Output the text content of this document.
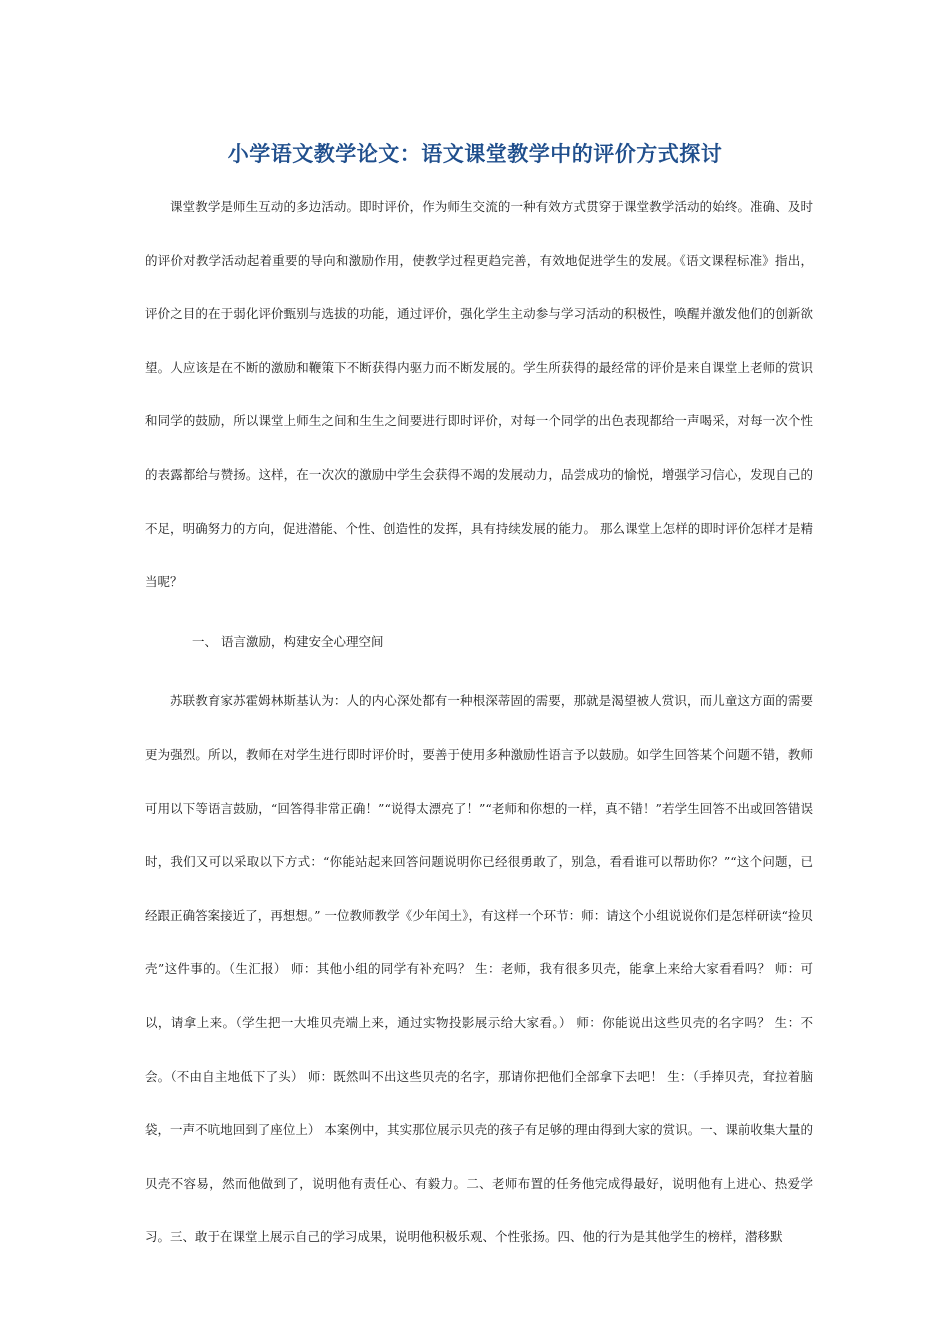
小学语文教学论文：语文课堂教学中的评价方式探讨

课堂教学是师生互动的多边活动。即时评价，作为师生交流的一种有效方式贯穿于课堂教学活动的始终。准确、及时的评价对教学活动起着重要的导向和激励作用，使教学过程更趋完善，有效地促进学生的发展。《语文课程标准》指出，评价之目的在于弱化评价甄别与选拔的功能，通过评价，强化学生主动参与学习活动的积极性，唤醒并激发他们的创新欲望。人应该是在不断的激励和鞭策下不断获得内驱力而不断发展的。学生所获得的最经常的评价是来自课堂上老师的赏识和同学的鼓励，所以课堂上师生之间和生生之间要进行即时评价，对每一个同学的出色表现都给一声喝采，对每一次个性的表露都给与赞扬。这样，在一次次的激励中学生会获得不竭的发展动力，品尝成功的愉悦，增强学习信心，发现自己的不足，明确努力的方向，促进潜能、个性、创造性的发挥，具有持续发展的能力。 那么课堂上怎样的即时评价怎样才是精当呢？

一、 语言激励，构建安全心理空间

苏联教育家苏霍姆林斯基认为：人的内心深处都有一种根深蒂固的需要，那就是渴望被人赏识，而儿童这方面的需要更为强烈。所以，教师在对学生进行即时评价时，要善于使用多种激励性语言予以鼓励。如学生回答某个问题不错，教师可用以下等语言鼓励，“回答得非常正确！”“说得太漂亮了！”“老师和你想的一样，真不错！”若学生回答不出或回答错误时，我们又可以采取以下方式：“你能站起来回答问题说明你已经很勇敢了，别急，看看谁可以帮助你？”“这个问题，已经跟正确答案接近了，再想想。” 一位教师教学《少年闰土》，有这样一个环节：师：请这个小组说说你们是怎样研读“捡贝壳”这件事的。（生汇报） 师：其他小组的同学有补充吗？ 生：老师，我有很多贝壳，能拿上来给大家看看吗？ 师：可以，请拿上来。（学生把一大堆贝壳端上来，通过实物投影展示给大家看。） 师：你能说出这些贝壳的名字吗？ 生：不会。（不由自主地低下了头） 师：既然叫不出这些贝壳的名字，那请你把他们全部拿下去吧！ 生：（手捧贝壳，耷拉着脑袋，一声不吭地回到了座位上） 本案例中，其实那位展示贝壳的孩子有足够的理由得到大家的赏识。一、课前收集大量的贝壳不容易，然而他做到了，说明他有责任心、有毅力。二、老师布置的任务他完成得最好，说明他有上进心、热爱学习。三、敢于在课堂上展示自己的学习成果，说明他积极乐观、个性张扬。四、他的行为是其他学生的榜样，潜移默
